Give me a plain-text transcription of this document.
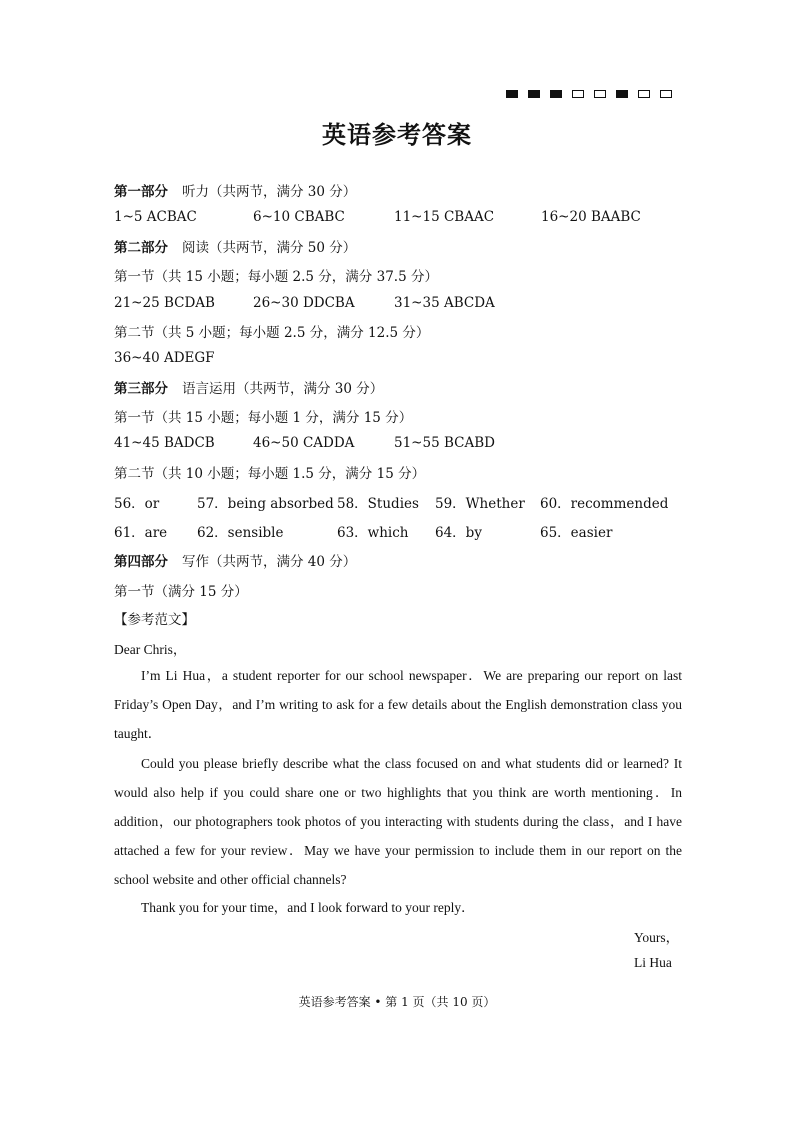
英语参考答案
第一部分 听力（共两节，满分 30 分）
1~5 ACBAC	6~10 CBABC	11~15 CBAAC	16~20 BAABC
第二部分 阅读（共两节，满分 50 分）
第一节（共 15 小题；每小题 2.5 分，满分 37.5 分）
21~25 BCDAB	26~30 DDCBA	31~35 ABCDA
第二节（共 5 小题；每小题 2.5 分，满分 12.5 分）
36~40 ADEGF
第三部分 语言运用（共两节，满分 30 分）
第一节（共 15 小题；每小题 1 分，满分 15 分）
41~45 BADCB	46~50 CADDA	51~55 BCABD
第二节（共 10 小题；每小题 1.5 分，满分 15 分）
56．or	57．being absorbed 58．Studies 59．Whether 60．recommended
61．are 62．sensible	63．which 64．by	65．easier
第四部分 写作（共两节，满分 40 分）
第一节（满分 15 分）
【参考范文】
Dear Chris，
I’m Li Hua，a student reporter for our school newspaper．We are preparing our report on last Friday’s Open Day，and I’m writing to ask for a few details about the English demonstration class you taught．
Could you please briefly describe what the class focused on and what students did or learned? It would also help if you could share one or two highlights that you think are worth mentioning．In addition，our photographers took photos of you interacting with students during the class，and I have attached a few for your review．May we have your permission to include them in our report on the school website and other official channels?
Thank you for your time，and I look forward to your reply．
Yours，
Li Hua
英语参考答案 • 第 1 页（共 10 页）
